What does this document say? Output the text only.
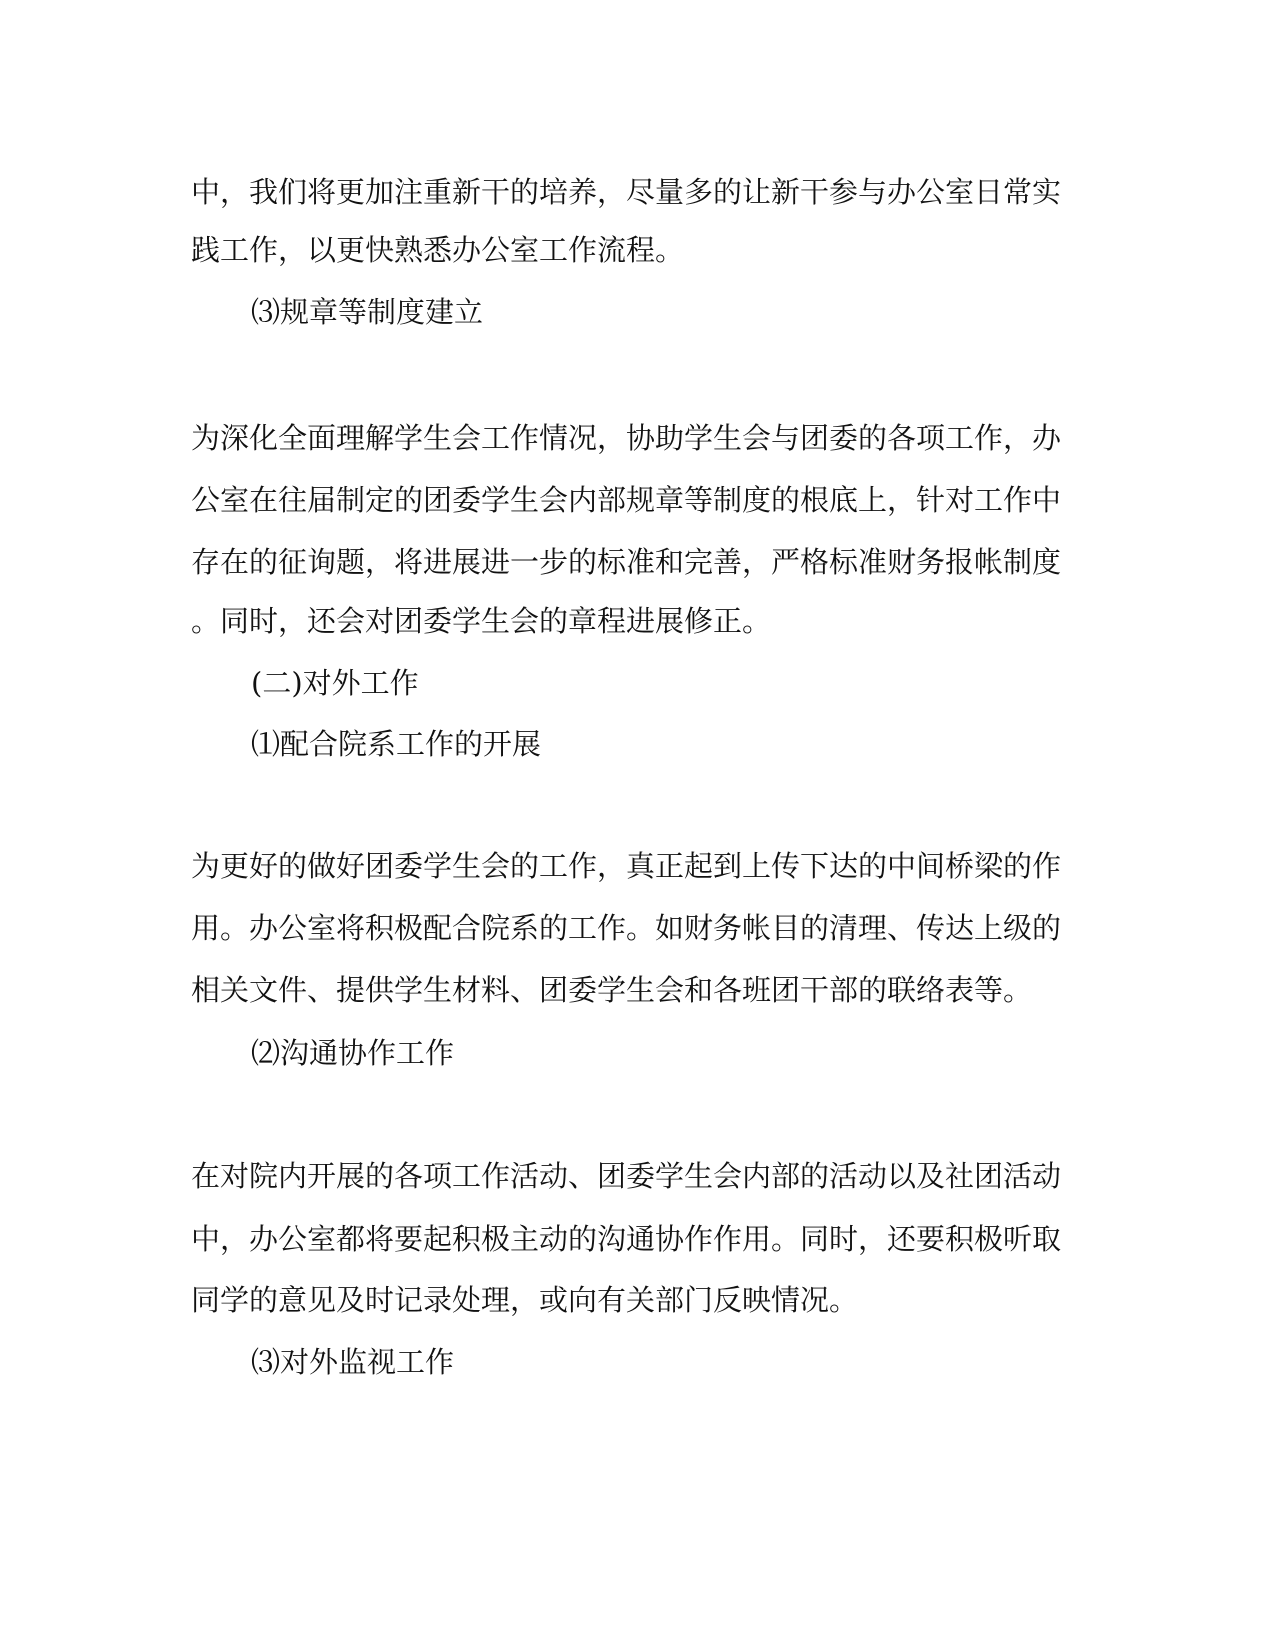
中，我们将更加注重新干的培养，尽量多的让新干参与办公室日常实

践工作，以更快熟悉办公室工作流程。

⑶规章等制度建立

为深化全面理解学生会工作情况，协助学生会与团委的各项工作，办

公室在往届制定的团委学生会内部规章等制度的根底上，针对工作中

存在的征询题，将进展进一步的标准和完善，严格标准财务报帐制度

。同时，还会对团委学生会的章程进展修正。

(二)对外工作

⑴配合院系工作的开展

为更好的做好团委学生会的工作，真正起到上传下达的中间桥梁的作

用。办公室将积极配合院系的工作。如财务帐目的清理、传达上级的

相关文件、提供学生材料、团委学生会和各班团干部的联络表等。

⑵沟通协作工作

在对院内开展的各项工作活动、团委学生会内部的活动以及社团活动

中，办公室都将要起积极主动的沟通协作作用。同时，还要积极听取

同学的意见及时记录处理，或向有关部门反映情况。

⑶对外监视工作
